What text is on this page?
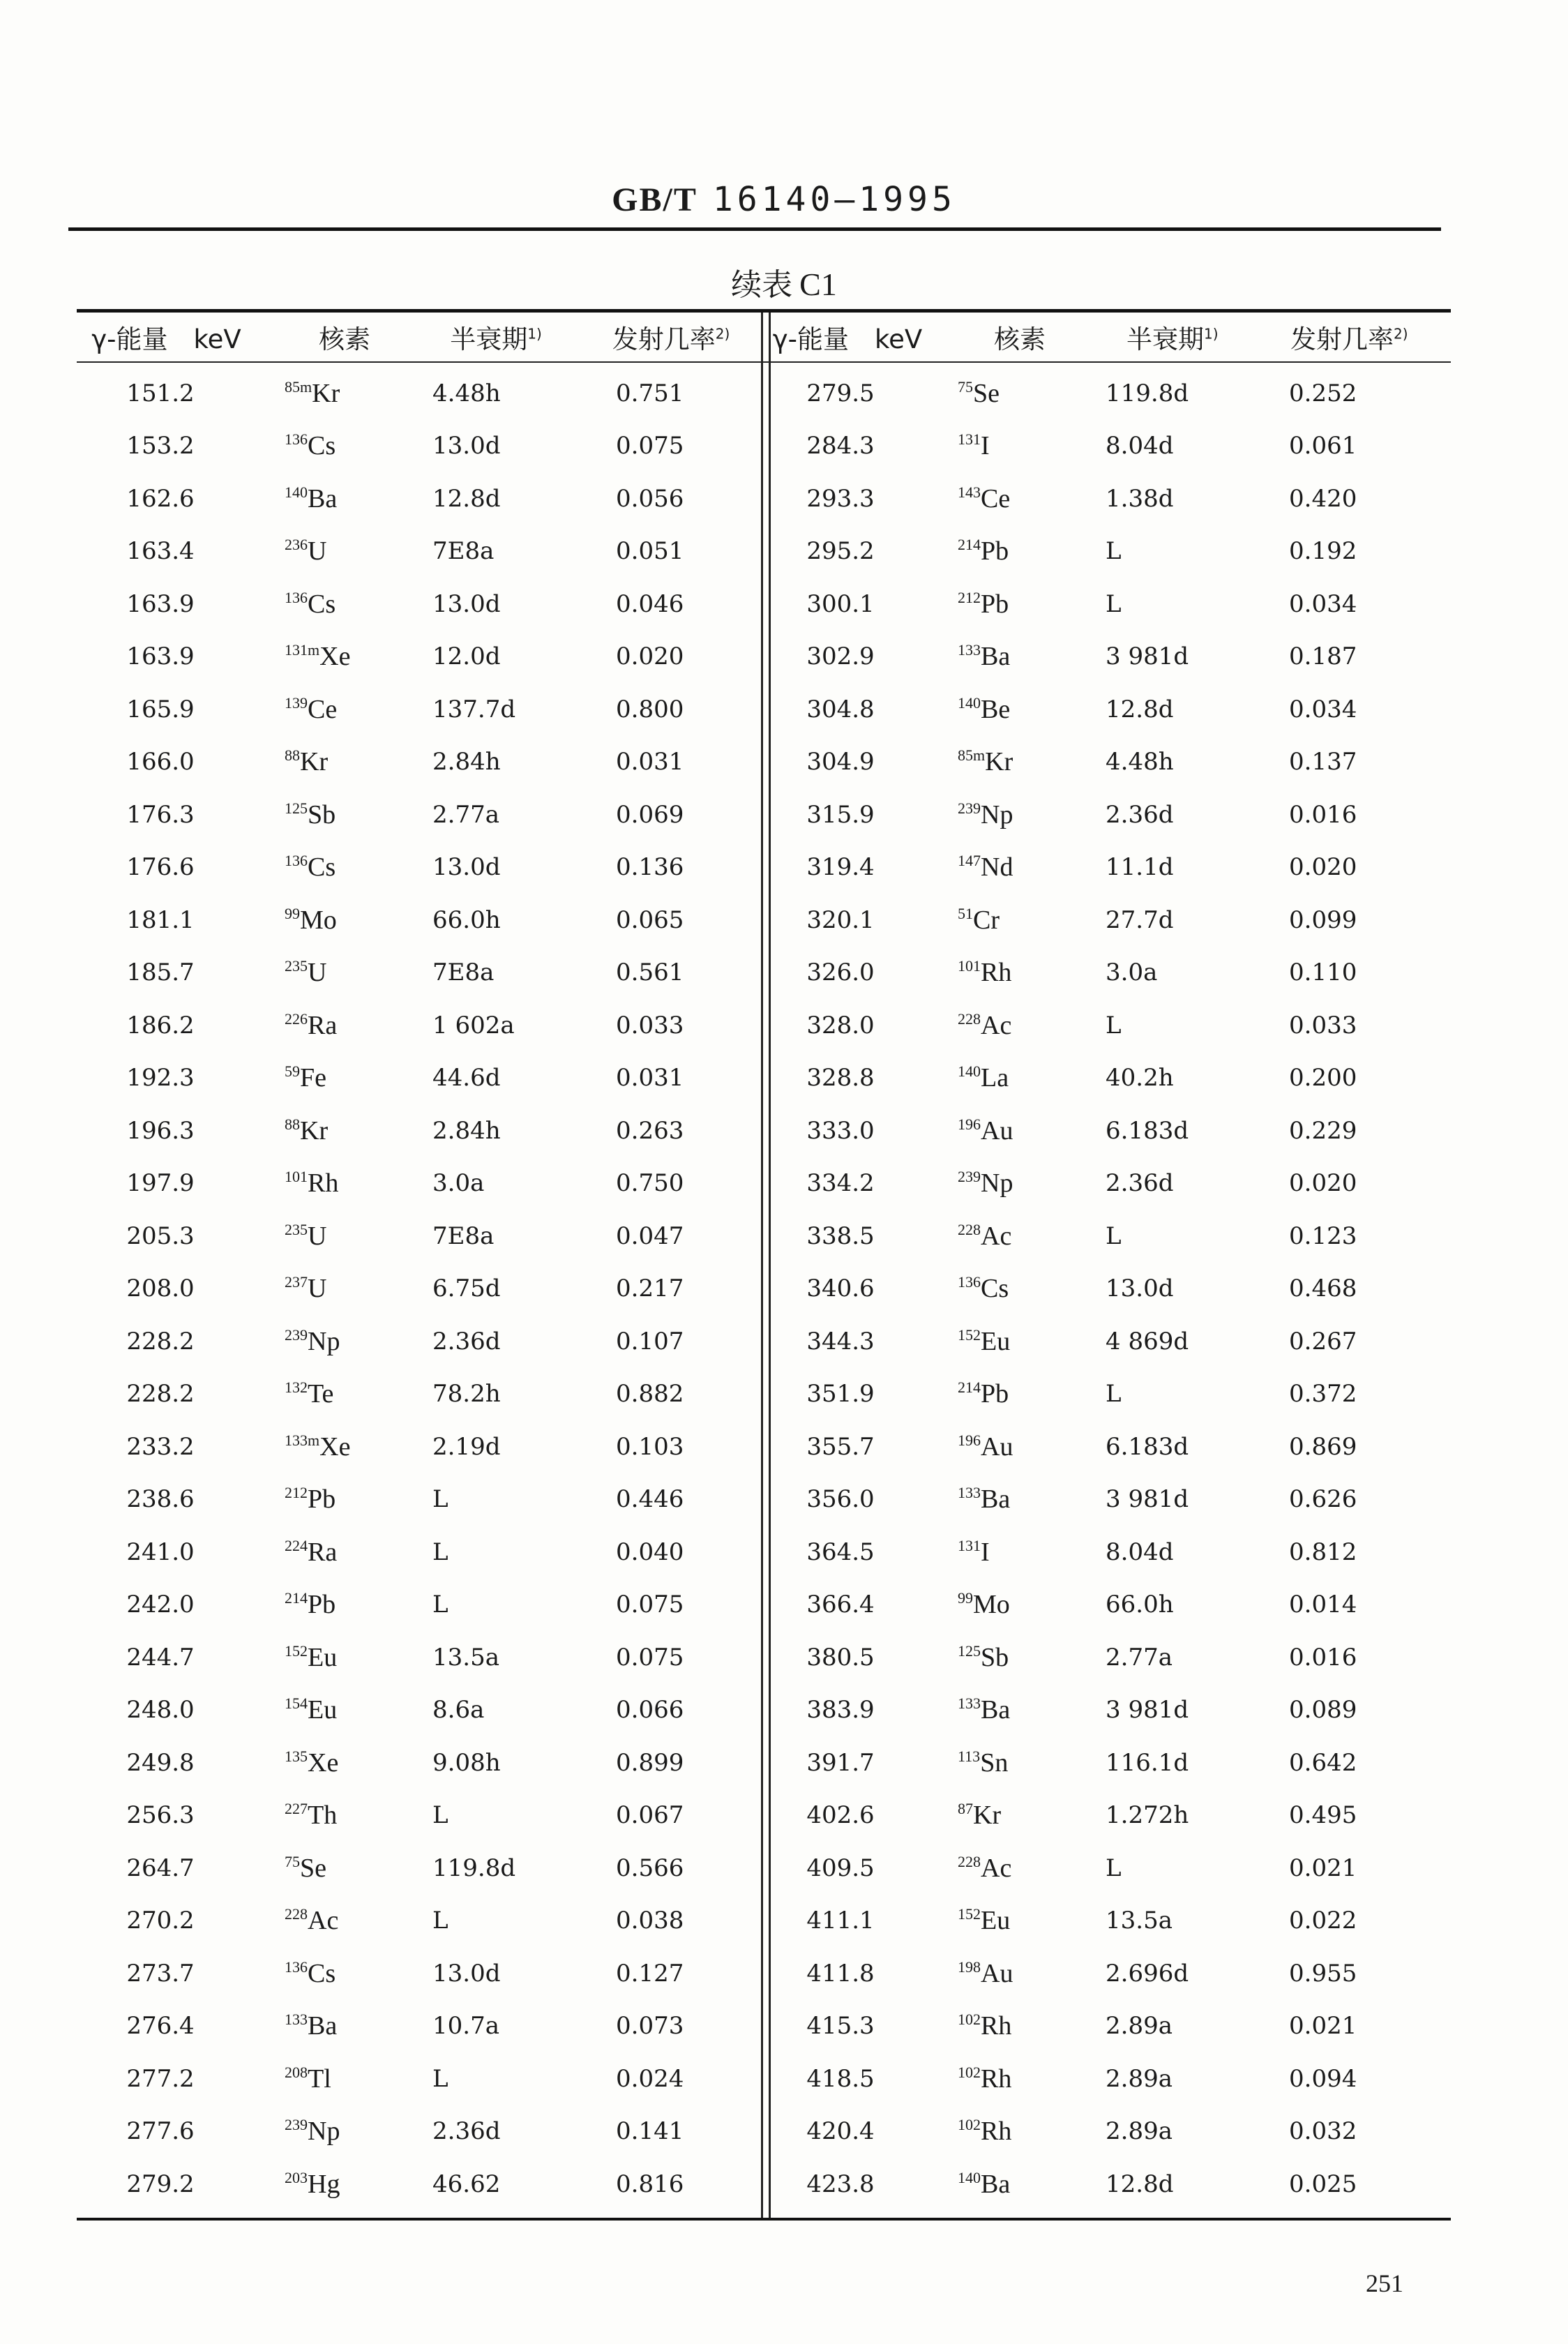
GB/T 16140—1995
续表 C1
γ-能量　keV	核素	半衰期$^{1)}$	发射几率$^{2)}$	γ-能量　keV	核素	半衰期$^{1)}$	发射几率$^{2)}$
151.2	$^{85m}$Kr	4.48h	0.751
153.2	$^{136}$Cs	13.0d	0.075
162.6	$^{140}$Ba	12.8d	0.056
163.4	$^{236}$U	7E8a	0.051
163.9	$^{136}$Cs	13.0d	0.046
163.9	$^{131m}$Xe	12.0d	0.020
165.9	$^{139}$Ce	137.7d	0.800
166.0	$^{88}$Kr	2.84h	0.031
176.3	$^{125}$Sb	2.77a	0.069
176.6	$^{136}$Cs	13.0d	0.136
181.1	$^{99}$Mo	66.0h	0.065
185.7	$^{235}$U	7E8a	0.561
186.2	$^{226}$Ra	1 602a	0.033
192.3	$^{59}$Fe	44.6d	0.031
196.3	$^{88}$Kr	2.84h	0.263
197.9	$^{101}$Rh	3.0a	0.750
205.3	$^{235}$U	7E8a	0.047
208.0	$^{237}$U	6.75d	0.217
228.2	$^{239}$Np	2.36d	0.107
228.2	$^{132}$Te	78.2h	0.882
233.2	$^{133m}$Xe	2.19d	0.103
238.6	$^{212}$Pb	L	0.446
241.0	$^{224}$Ra	L	0.040
242.0	$^{214}$Pb	L	0.075
244.7	$^{152}$Eu	13.5a	0.075
248.0	$^{154}$Eu	8.6a	0.066
249.8	$^{135}$Xe	9.08h	0.899
256.3	$^{227}$Th	L	0.067
264.7	$^{75}$Se	119.8d	0.566
270.2	$^{228}$Ac	L	0.038
273.7	$^{136}$Cs	13.0d	0.127
276.4	$^{133}$Ba	10.7a	0.073
277.2	$^{208}$Tl	L	0.024
277.6	$^{239}$Np	2.36d	0.141
279.2	$^{203}$Hg	46.62	0.816
279.5	$^{75}$Se	119.8d	0.252
284.3	$^{131}$I	8.04d	0.061
293.3	$^{143}$Ce	1.38d	0.420
295.2	$^{214}$Pb	L	0.192
300.1	$^{212}$Pb	L	0.034
302.9	$^{133}$Ba	3 981d	0.187
304.8	$^{140}$Be	12.8d	0.034
304.9	$^{85m}$Kr	4.48h	0.137
315.9	$^{239}$Np	2.36d	0.016
319.4	$^{147}$Nd	11.1d	0.020
320.1	$^{51}$Cr	27.7d	0.099
326.0	$^{101}$Rh	3.0a	0.110
328.0	$^{228}$Ac	L	0.033
328.8	$^{140}$La	40.2h	0.200
333.0	$^{196}$Au	6.183d	0.229
334.2	$^{239}$Np	2.36d	0.020
338.5	$^{228}$Ac	L	0.123
340.6	$^{136}$Cs	13.0d	0.468
344.3	$^{152}$Eu	4 869d	0.267
351.9	$^{214}$Pb	L	0.372
355.7	$^{196}$Au	6.183d	0.869
356.0	$^{133}$Ba	3 981d	0.626
364.5	$^{131}$I	8.04d	0.812
366.4	$^{99}$Mo	66.0h	0.014
380.5	$^{125}$Sb	2.77a	0.016
383.9	$^{133}$Ba	3 981d	0.089
391.7	$^{113}$Sn	116.1d	0.642
402.6	$^{87}$Kr	1.272h	0.495
409.5	$^{228}$Ac	L	0.021
411.1	$^{152}$Eu	13.5a	0.022
411.8	$^{198}$Au	2.696d	0.955
415.3	$^{102}$Rh	2.89a	0.021
418.5	$^{102}$Rh	2.89a	0.094
420.4	$^{102}$Rh	2.89a	0.032
423.8	$^{140}$Ba	12.8d	0.025
251
